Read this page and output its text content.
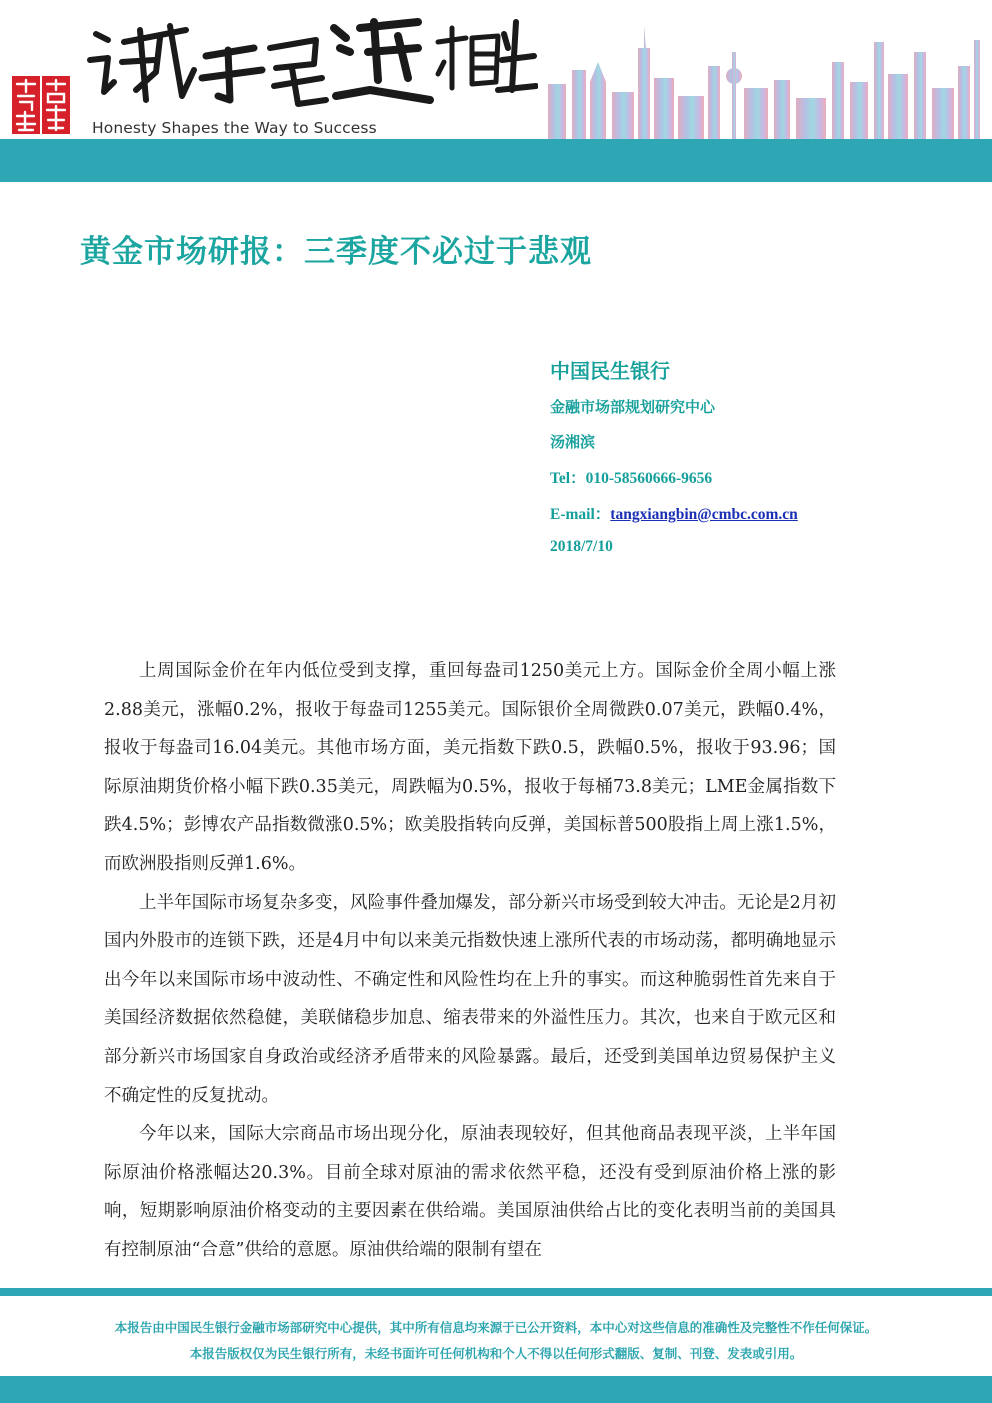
Honesty Shapes the Way to Success
黄金市场研报：三季度不必过于悲观
中国民生银行
金融市场部规划研究中心
汤湘滨
Tel：010-58560666-9656
E-mail：tangxiangbin@cmbc.com.cn
2018/7/10

上周国际金价在年内低位受到支撑，重回每盎司1250美元上方。国际金价全周小幅上涨2.88美元，涨幅0.2%，报收于每盎司1255美元。国际银价全周微跌0.07美元，跌幅0.4%，报收于每盎司16.04美元。其他市场方面，美元指数下跌0.5，跌幅0.5%，报收于93.96；国际原油期货价格小幅下跌0.35美元，周跌幅为0.5%，报收于每桶73.8美元；LME金属指数下跌4.5%；彭博农产品指数微涨0.5%；欧美股指转向反弹，美国标普500股指上周上涨1.5%，而欧洲股指则反弹1.6%。

上半年国际市场复杂多变，风险事件叠加爆发，部分新兴市场受到较大冲击。无论是2月初国内外股市的连锁下跌，还是4月中旬以来美元指数快速上涨所代表的市场动荡，都明确地显示出今年以来国际市场中波动性、不确定性和风险性均在上升的事实。而这种脆弱性首先来自于美国经济数据依然稳健，美联储稳步加息、缩表带来的外溢性压力。其次，也来自于欧元区和部分新兴市场国家自身政治或经济矛盾带来的风险暴露。最后，还受到美国单边贸易保护主义不确定性的反复扰动。

今年以来，国际大宗商品市场出现分化，原油表现较好，但其他商品表现平淡，上半年国际原油价格涨幅达20.3%。目前全球对原油的需求依然平稳，还没有受到原油价格上涨的影响，短期影响原油价格变动的主要因素在供给端。美国原油供给占比的变化表明当前的美国具有控制原油“合意”供给的意愿。原油供给端的限制有望在

本报告由中国民生银行金融市场部研究中心提供，其中所有信息均来源于已公开资料，本中心对这些信息的准确性及完整性不作任何保证。
本报告版权仅为民生银行所有，未经书面许可任何机构和个人不得以任何形式翻版、复制、刊登、发表或引用。
